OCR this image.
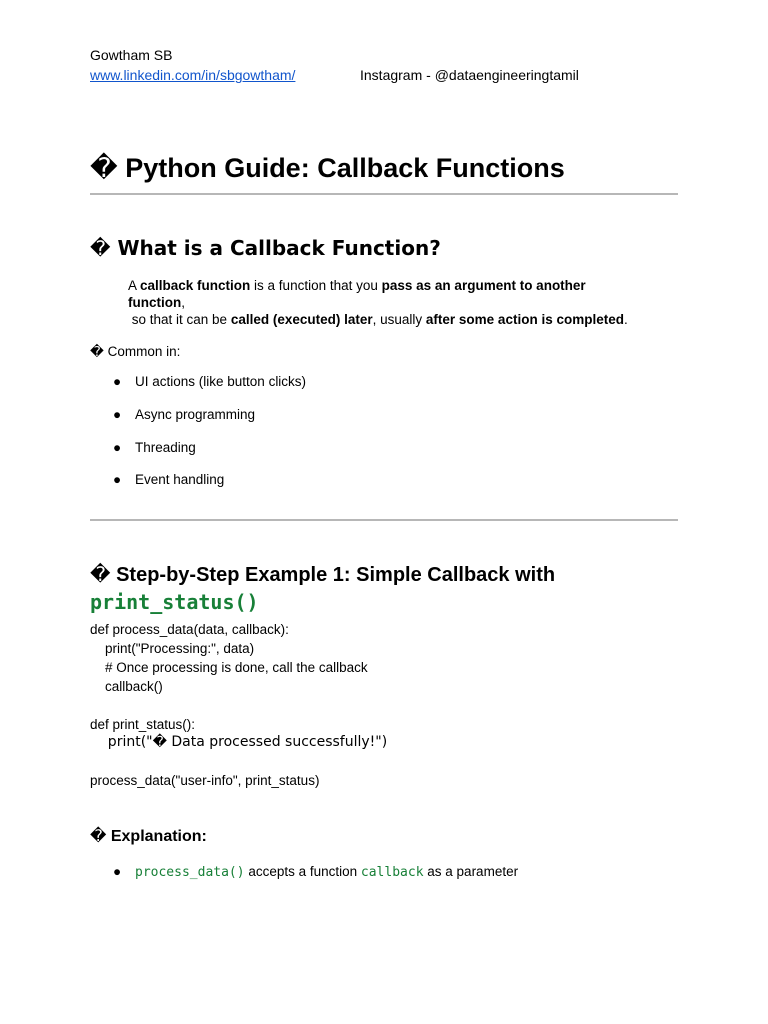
Gowtham SB
www.linkedin.com/in/sbgowtham/	Instagram - @dataengineeringtamil
� Python Guide: Callback Functions
� What is a Callback Function?
A callback function is a function that you pass as an argument to another
function,
so that it can be called (executed) later, usually after some action is completed.
� Common in:
● UI actions (like button clicks)
● Async programming
● Threading
● Event handling
� Step-by-Step Example 1: Simple Callback with
print_status()
def process_data(data, callback):
print("Processing:", data)
# Once processing is done, call the callback
callback()
def print_status():
print("� Data processed successfully!")
process_data("user-info", print_status)
� Explanation:
● process_data() accepts a function callback as a parameter
